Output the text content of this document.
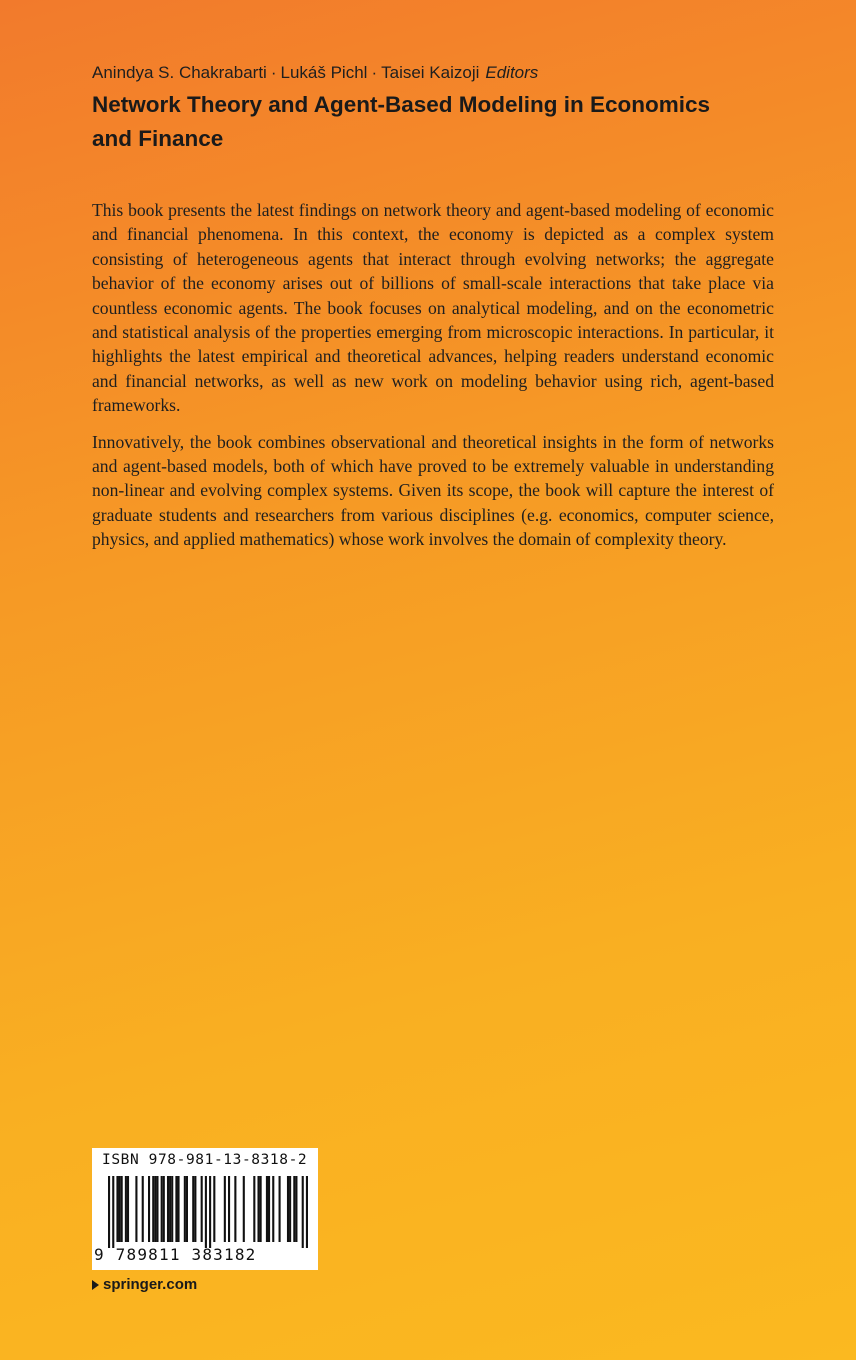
Anindya S. Chakrabarti · Lukáš Pichl · Taisei Kaizoji Editors
Network Theory and Agent-Based Modeling in Economics and Finance

This book presents the latest findings on network theory and agent-based modeling of economic and financial phenomena. In this context, the economy is depicted as a complex system consisting of heterogeneous agents that interact through evolving networks; the aggregate behavior of the economy arises out of billions of small-scale interactions that take place via countless economic agents. The book focuses on analytical modeling, and on the econometric and statistical analysis of the properties emerging from microscopic interactions. In particular, it highlights the latest empirical and theoretical advances, helping readers understand economic and financial networks, as well as new work on modeling behavior using rich, agent-based frameworks.

Innovatively, the book combines observational and theoretical insights in the form of networks and agent-based models, both of which have proved to be extremely valuable in understanding non-linear and evolving complex systems. Given its scope, the book will capture the interest of graduate students and researchers from various disciplines (e.g. economics, computer science, physics, and applied mathematics) whose work involves the domain of complexity theory.

ISBN 978-981-13-8318-2
9 789811 383182
springer.com
